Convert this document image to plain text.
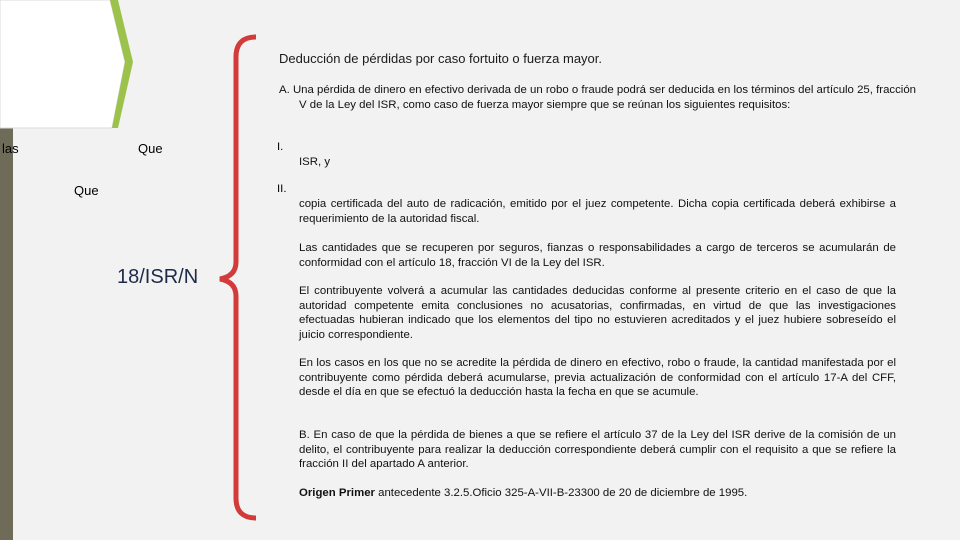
las	Que
Que
18/ISR/N
Deducción de pérdidas por caso fortuito o fuerza mayor.
A. Una pérdida de dinero en efectivo derivada de un robo o fraude podrá ser deducida en los términos del artículo 25, fracción V de la Ley del ISR, como caso de fuerza mayor siempre que se reúnan los siguientes requisitos:
I.
ISR, y
II.
copia certificada del auto de radicación, emitido por el juez competente. Dicha copia certificada deberá exhibirse a requerimiento de la autoridad fiscal.
Las cantidades que se recuperen por seguros, fianzas o responsabilidades a cargo de terceros se acumularán de conformidad con el artículo 18, fracción VI de la Ley del ISR.
El contribuyente volverá a acumular las cantidades deducidas conforme al presente criterio en el caso de que la autoridad competente emita conclusiones no acusatorias, confirmadas, en virtud de que las investigaciones efectuadas hubieran indicado que los elementos del tipo no estuvieren acreditados y el juez hubiere sobreseído el juicio correspondiente.
En los casos en los que no se acredite la pérdida de dinero en efectivo, robo o fraude, la cantidad manifestada por el contribuyente como pérdida deberá acumularse, previa actualización de conformidad con el artículo 17-A del CFF, desde el día en que se efectuó la deducción hasta la fecha en que se acumule.
B. En caso de que la pérdida de bienes a que se refiere el artículo 37 de la Ley del ISR derive de la comisión de un delito, el contribuyente para realizar la deducción correspondiente deberá cumplir con el requisito a que se refiere la fracción II del apartado A anterior.
Origen Primer antecedente 3.2.5.Oficio 325-A-VII-B-23300 de 20 de diciembre de 1995.
